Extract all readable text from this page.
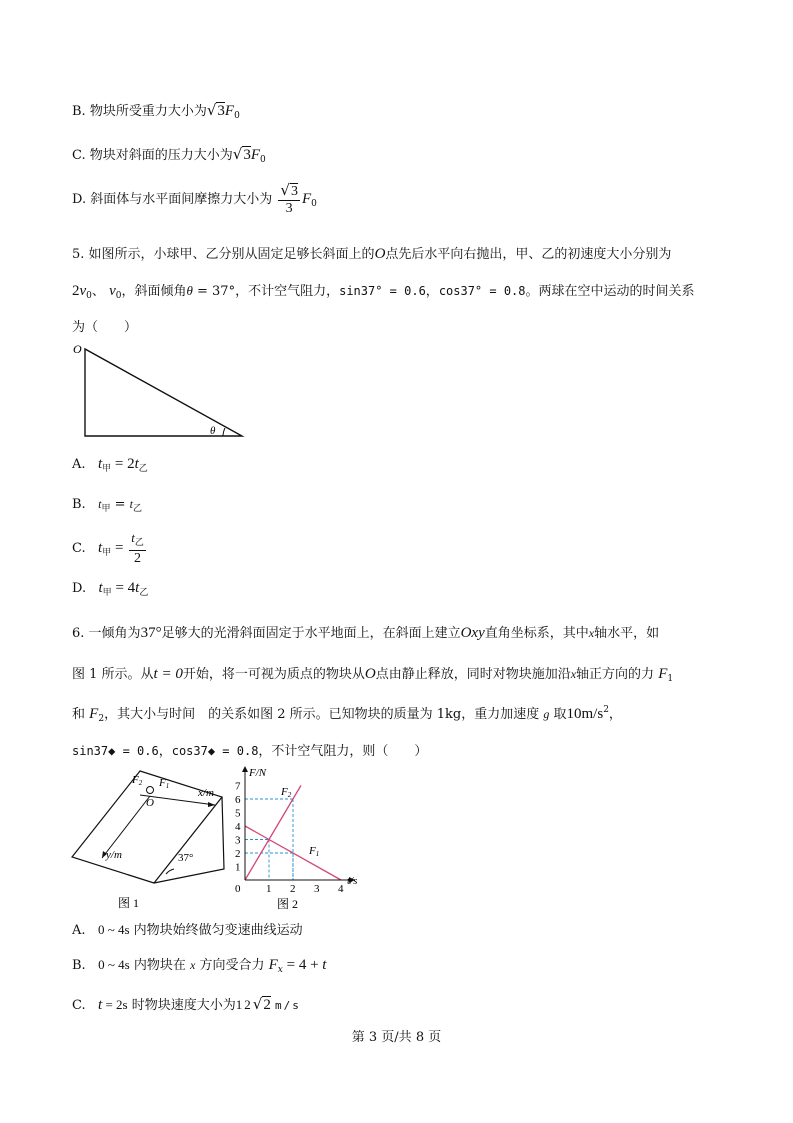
B. 物块所受重力大小为$√3F_0$
C. 物块对斜面的压力大小为$√3F_0$
D. 斜面体与水平面间摩擦力大小为 $\frac{√3}{3} F_0$
5. 如图所示，小球甲、乙分别从固定足够长斜面上的O点先后水平向右抛出，甲、乙的初速度大小分别为
$2v_0$、 $v_0$，斜面倾角θ = 37°，不计空气阻力，sin37° = 0.6，cos37° = 0.8。两球在空中运动的时间关系
为（　　）
O
θ
A. $t_甲 = 2t_乙$
B. $t_甲 = t_乙$
C. $t_甲 = \frac{t_乙}{2}$
D. $t_甲 = 4t_乙$
6. 一倾角为37°足够大的光滑斜面固定于水平地面上，在斜面上建立Oxy直角坐标系，其中x轴水平，如
图 1 所示。从t = 0开始，将一可视为质点的物块从O点由静止释放，同时对物块施加沿x轴正方向的力 $F_1$
和 $F_2$，其大小与时间　的关系如图 2 所示。已知物块的质量为 1kg，重力加速度 g 取$10m/s^2$，
sin37◆ = 0.6，cos37◆ = 0.8，不计空气阻力，则（　　）
F2 F1
O
x/m
y/m	37°
图 1
0 1 2 3 4
1
2
3
4
5
6
7
F/N
t/s
F2
F1
图 2
A. 0 ~ 4s 内物块始终做匀变速曲线运动
B. 0 ~ 4s 内物块在 x 方向受合力 $F_x = 4 + t$
C. t = 2s 时物块速度大小为12√2 m/s
第 3 页/共 8 页
